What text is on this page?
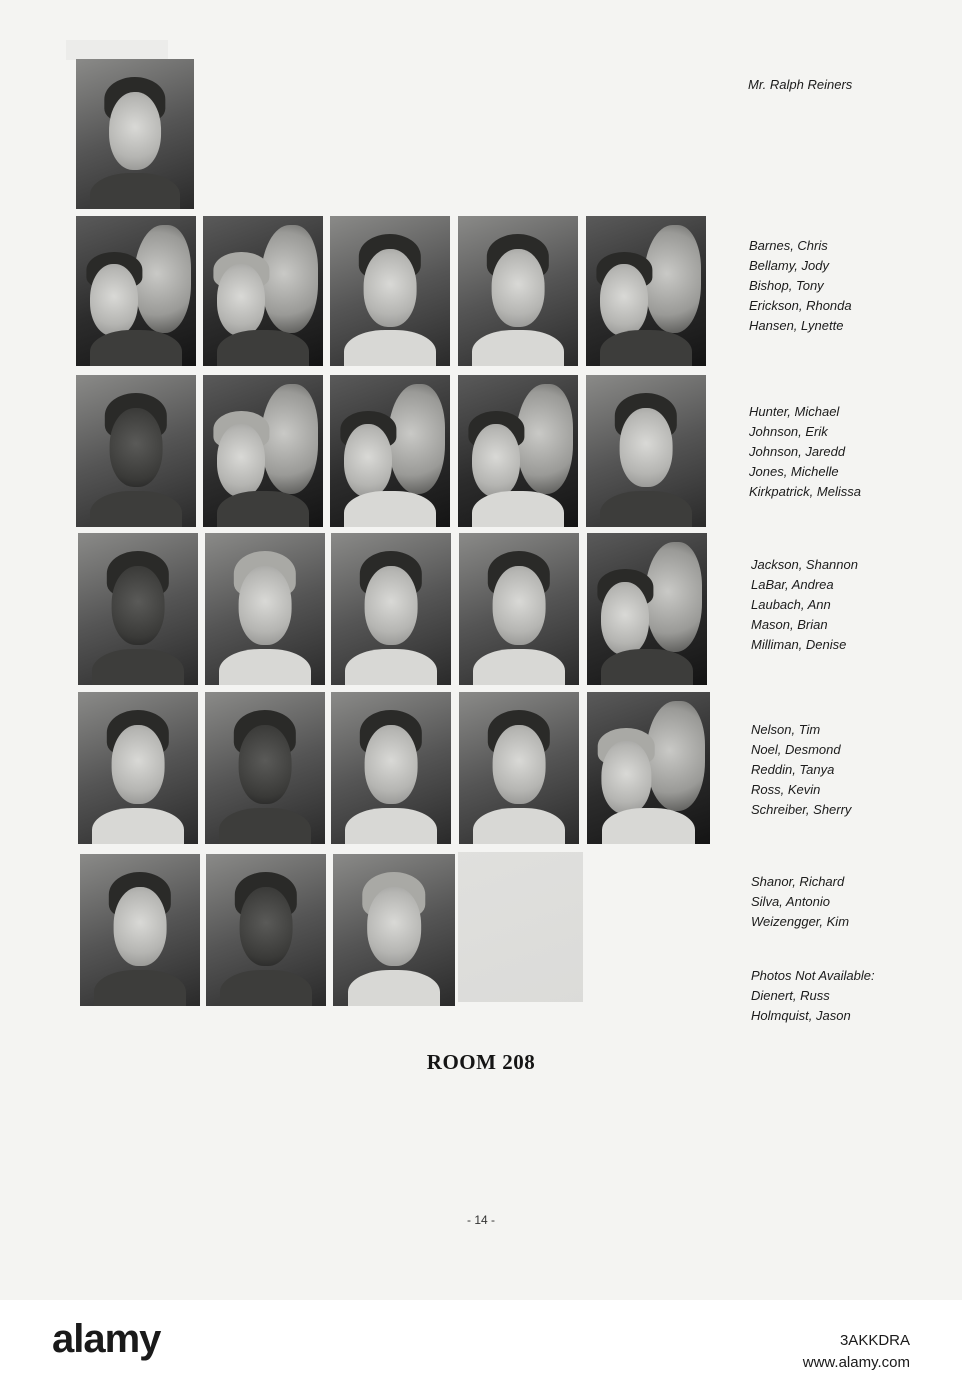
Mr. Ralph Reiners
Barnes, Chris
Bellamy, Jody
Bishop, Tony
Erickson, Rhonda
Hansen, Lynette
Hunter, Michael
Johnson, Erik
Johnson, Jaredd
Jones, Michelle
Kirkpatrick, Melissa
Jackson, Shannon
LaBar, Andrea
Laubach, Ann
Mason, Brian
Milliman, Denise
Nelson, Tim
Noel, Desmond
Reddin, Tanya
Ross, Kevin
Schreiber, Sherry
Shanor, Richard
Silva, Antonio
Weizengger, Kim
Photos Not Available:
Dienert, Russ
Holmquist, Jason
ROOM 208
- 14 -
alamy	3AKKDRA
www.alamy.com
